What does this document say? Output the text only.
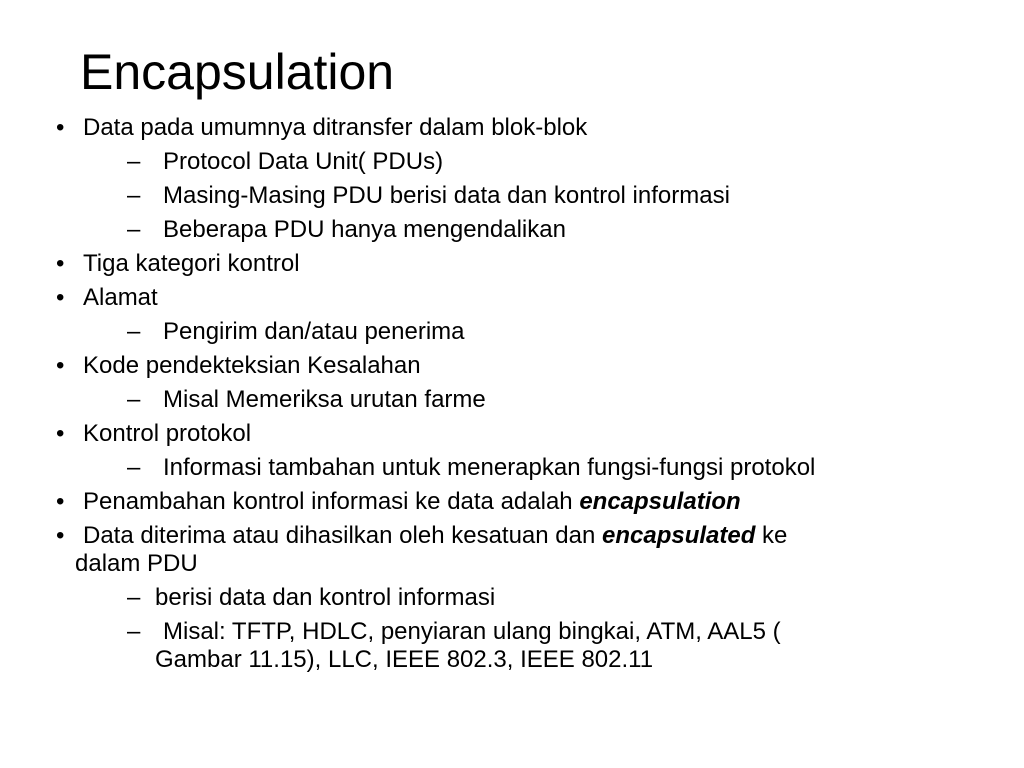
Encapsulation
• Data pada umumnya ditransfer dalam blok-blok
– Protocol Data Unit( PDUs)
– Masing-Masing PDU berisi data dan kontrol informasi
– Beberapa PDU hanya mengendalikan
• Tiga kategori kontrol
• Alamat
– Pengirim dan/atau penerima
• Kode pendekteksian Kesalahan
– Misal Memeriksa urutan farme
• Kontrol protokol
– Informasi tambahan untuk menerapkan fungsi-fungsi protokol
• Penambahan kontrol informasi ke data adalah encapsulation
• Data diterima atau dihasilkan oleh kesatuan dan encapsulated ke
dalam PDU
– berisi data dan kontrol informasi
– Misal: TFTP, HDLC, penyiaran ulang bingkai, ATM, AAL5 (
Gambar 11.15), LLC, IEEE 802.3, IEEE 802.11
